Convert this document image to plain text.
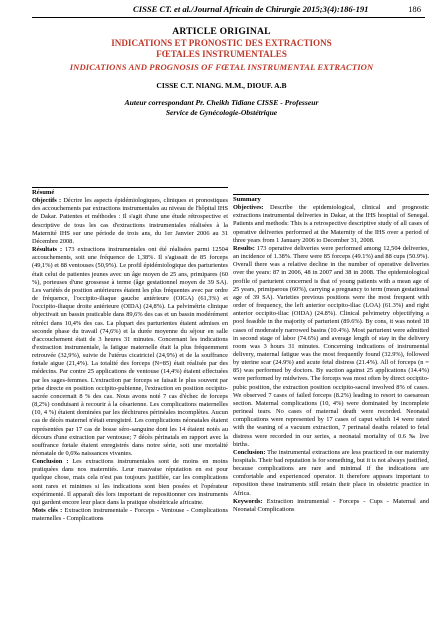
CISSE CT. et al./Journal Africain de Chirurgie 2015;3(4):186-191	186
ARTICLE ORIGINAL
INDICATIONS ET PRONOSTIC DES EXTRACTIONS
FŒTALES INSTRUMENTALES
INDICATIONS AND PROGNOSIS OF FŒTAL INSTRUMENTAL EXTRACTION
CISSE C.T. NIANG. M.M., DIOUF. A.B
Auteur correspondant Pr. Cheikh Tidiane CISSE - Professeur
Service de Gynécologie-Obstétrique
Résumé

Objectifs : Décrire les aspects épidémiologiques, cliniques et pronostiques des accouchements par extractions instrumentales au niveau de l'hôpital IHS de Dakar. Patientes et méthodes : Il s'agit d'une une étude rétrospective et descriptive de tous les cas d'extractions instrumentales réalisées à la Maternité IHS sur une période de trois ans, du 1er Janvier 2006 au 31 Décembre 2008.

Résultats : 173 extractions instrumentales ont été réalisées parmi 12504 accouchements, soit une fréquence de 1,38%. Il s'agissait de 85 forceps (49,1%) et 88 ventouses (50,9%). Le profil épidémiologique des parturientes était celui de patientes jeunes avec un âge moyen de 25 ans, primipares (60 %), porteuses d'une grossesse à terme (âge gestationnel moyen de 39 SA). Les variétés de position antérieures étaient les plus fréquentes avec par ordre de fréquence, l'occipito-iliaque gauche antérieure (OIGA) (61,3%) et l'occipito-iliaque droite antérieure (OIDA) (24,8%). La pelvimétrie clinique objectivait un bassin praticable dans 89,6% des cas et un bassin modérément rétréci dans 10,4% des cas. La plupart des parturientes étaient admises en seconde phase du travail (74,6%) et la durée moyenne du séjour en salle d'accouchement était de 3 heures 31 minutes. Concernant les indications d'extraction instrumentale, la fatigue maternelle était la plus fréquemment retrouvée (32,9%), suivie de l'utérus cicatriciel (24,9%) et de la souffrance fœtale aigue (21,4%). La totalité des forceps (N=85) était réalisée par des médecins. Par contre 25 applications de ventouse (14,4%) étaient effectuées par les sages-femmes. L'extraction par forceps se faisait le plus souvent par prise directe en position occipito-pubienne, l'extraction en position occipito-sacrée concernait 8 % des cas. Nous avons noté 7 cas d'échec de forceps (8,2%) conduisant à recourir à la césarienne. Les complications maternelles (10, 4 %) étaient dominées par les déchirures périnéales incomplètes. Aucun cas de décès maternel n'était enregistré. Les complications néonatales étaient représentées par 17 cas de bosse séro-sanguine dont les 14 étaient notés au décours d'une extraction par ventouse; 7 décès périnatals en rapport avec la souffrance fœtale étaient enregistrés dans notre série, soit une mortalité néonatale de 0,6‰ naissances vivantes.

Conclusion : Les extractions instrumentales sont de moins en moins pratiquées dans nos maternités. Leur mauvaise réputation en est pour quelque chose, mais cela n'est pas toujours justifiée, car les complications sont rares et minimes si les indications sont bien posées et l'opérateur expérimenté. Il apparaît dès lors important de repositionner ces instruments qui gardent encore leur place dans la pratique obstétricale africaine.

Mots clés : Extraction instrumentale - Forceps - Ventouse - Complications maternelles - Complications

Summary

Objectives: Describe the epidemiological, clinical and prognostic extractions instrumental deliveries in Dakar, at the IHS hospital of Senegal. Patients and methods: This is a retrospective descriptive study of all cases of operative deliveries performed at the Maternity of the IHS over a period of three years from 1 January 2006 to December 31, 2008.

Results: 173 operative deliveries were performed among 12,504 deliveries, an incidence of 1.38%. There were 85 forceps (49.1%) and 88 cups (50.9%). Overall there was a relative decline in the number of operative deliveries over the years: 87 in 2006, 48 in 2007 and 38 in 2008. The epidemiological profile of parturient concerned is that of young patients with a mean age of 25 years, primiparous (60%), carrying a pregnancy to term (mean gestational age of 39 SA). Varieties previous positions were the most frequent with order of frequency, the left anterior occipito-iliac (LOA) (61.3%) and right anterior occipito-iliac (OIDA) (24.8%). Clinical pelvimetry objectifying a pool feasible in the majority of parturient (89.6%). By cons, it was noted 18 cases of moderately narrowed basins (10.4%). Most parturient were admitted in second stage of labor (74.6%) and average length of stay in the delivery room was 3 hours 31 minutes. Concerning indications of instrumental delivery, maternal fatigue was the most frequently found (32.9%), followed by uterine scar (24.9%) and acute fetal distress (21.4%). All of forceps (n = 85) was performed by doctors. By suction against 25 applications (14.4%) were performed by midwives. The forceps was most often by direct occipito-pubic position, the extraction position occipito-sacral involved 8% of cases. We observed 7 cases of failed forceps (8.2%) leading to resort to caesarean section. Maternal complications (10, 4%) were dominated by incomplete perineal tears. No cases of maternal death were recorded. Neonatal complications were represented by 17 cases of caput which 14 were rated with the waning of a vacuum extraction, 7 perinatal deaths related to fetal distress were recorded in our series, a neonatal mortality of 0.6 ‰ live births.

Conclusion: The instrumental extractions are less practiced in our maternity hospitals. Their bad reputation is for something, but it is not always justified, because complications are rare and minimal if the indications are comfortable and experienced operator. It therefore appears important to reposition these instruments still retain their place in obstetric practice in Africa.

Keywords: Extraction instrumental - Forceps - Cups - Maternal and Neonatal Complications
